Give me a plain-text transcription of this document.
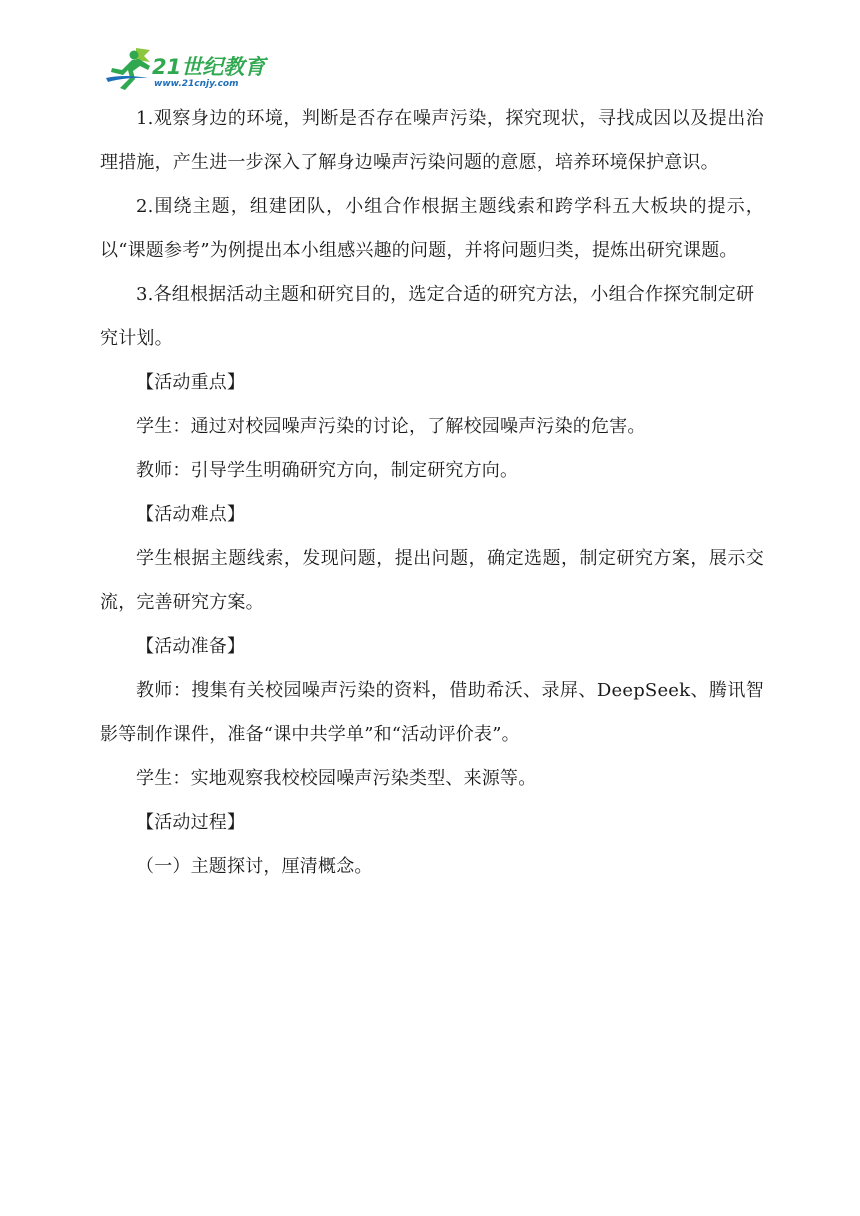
21世纪教育
www.21cnjy.com

1.观察身边的环境，判断是否存在噪声污染，探究现状，寻找成因以及提出治理措施，产生进一步深入了解身边噪声污染问题的意愿，培养环境保护意识。

2.围绕主题，组建团队，小组合作根据主题线索和跨学科五大板块的提示，以“课题参考”为例提出本小组感兴趣的问题，并将问题归类，提炼出研究课题。

3.各组根据活动主题和研究目的，选定合适的研究方法，小组合作探究制定研究计划。

【活动重点】

学生：通过对校园噪声污染的讨论，了解校园噪声污染的危害。

教师：引导学生明确研究方向，制定研究方向。

【活动难点】

学生根据主题线索，发现问题，提出问题，确定选题，制定研究方案，展示交流，完善研究方案。

【活动准备】

教师：搜集有关校园噪声污染的资料，借助希沃、录屏、DeepSeek、腾讯智影等制作课件，准备“课中共学单”和“活动评价表”。

学生：实地观察我校校园噪声污染类型、来源等。

【活动过程】

（一）主题探讨，厘清概念。
